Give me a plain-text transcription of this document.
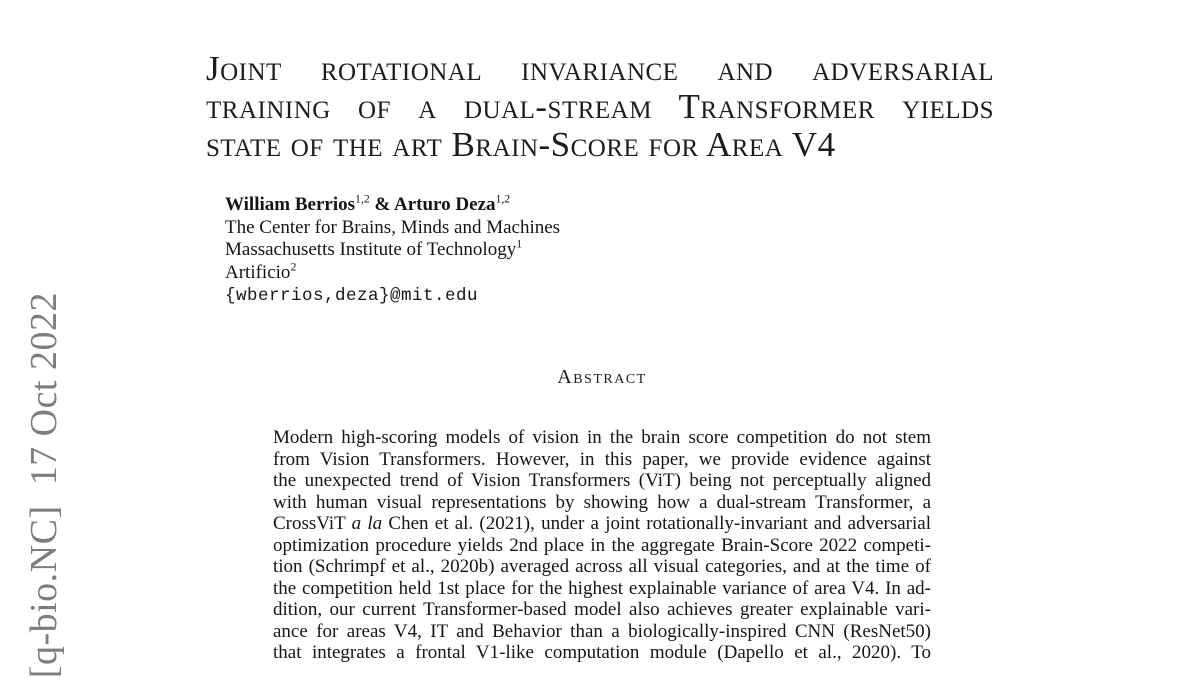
[q-bio.NC]  17 Oct 2022
Joint rotational invariance and adversarial
training of a dual-stream Transformer yields
state of the art Brain-Score for Area V4
William Berrios$^{1,2}$ & Arturo Deza$^{1,2}$
The Center for Brains, Minds and Machines
Massachusetts Institute of Technology$^1$
Artificio$^2$
{wberrios,deza}@mit.edu
Abstract
Modern high-scoring models of vision in the brain score competition do not stem
from Vision Transformers. However, in this paper, we provide evidence against
the unexpected trend of Vision Transformers (ViT) being not perceptually aligned
with human visual representations by showing how a dual-stream Transformer, a
CrossViT a la Chen et al. (2021), under a joint rotationally-invariant and adversarial
optimization procedure yields 2nd place in the aggregate Brain-Score 2022 competi-
tion (Schrimpf et al., 2020b) averaged across all visual categories, and at the time of
the competition held 1st place for the highest explainable variance of area V4. In ad-
dition, our current Transformer-based model also achieves greater explainable vari-
ance for areas V4, IT and Behavior than a biologically-inspired CNN (ResNet50)
that integrates a frontal V1-like computation module (Dapello et al., 2020). To
